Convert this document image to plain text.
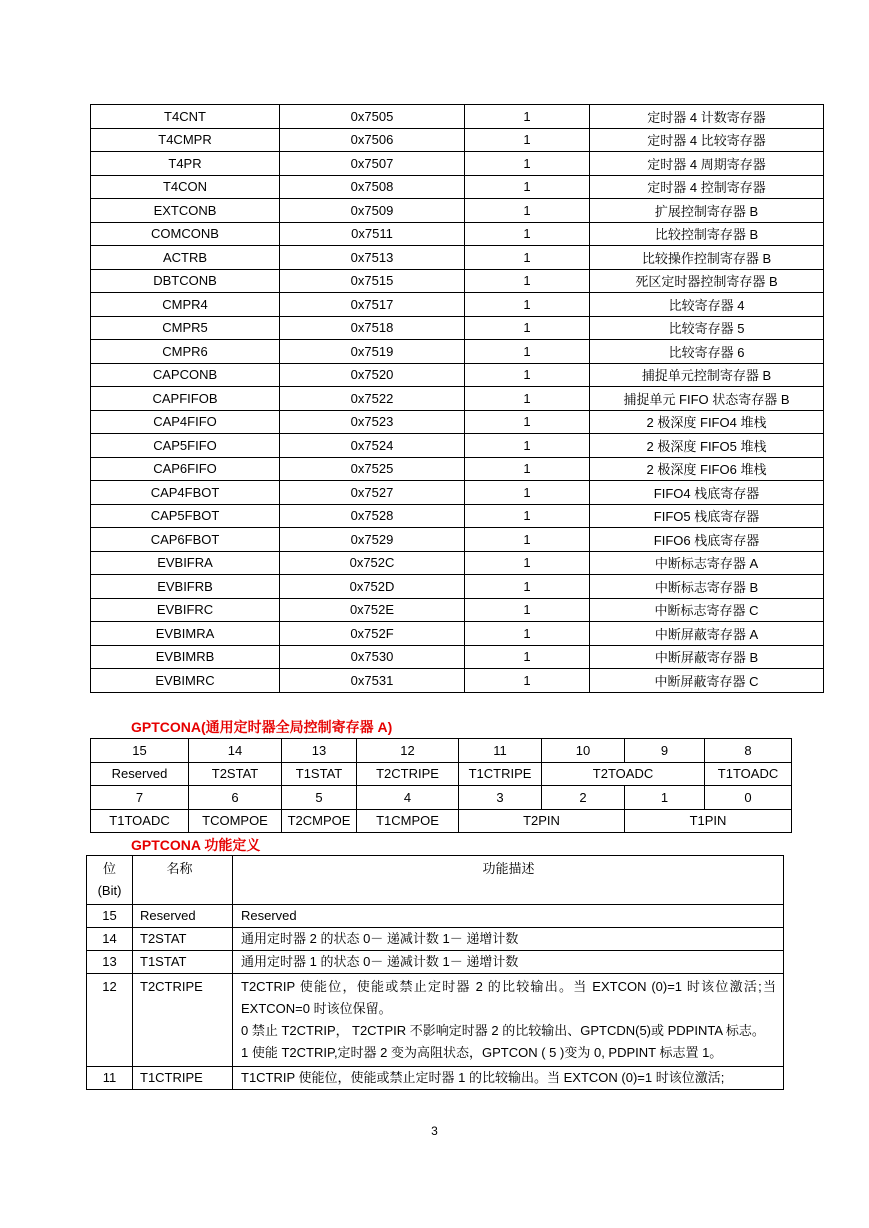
T4CNT	0x7505	1	定时器 4 计数寄存器
T4CMPR	0x7506	1	定时器 4 比较寄存器
T4PR	0x7507	1	定时器 4 周期寄存器
T4CON	0x7508	1	定时器 4 控制寄存器
EXTCONB	0x7509	1	扩展控制寄存器 B
COMCONB	0x7511	1	比较控制寄存器 B
ACTRB	0x7513	1	比较操作控制寄存器 B
DBTCONB	0x7515	1	死区定时器控制寄存器 B
CMPR4	0x7517	1	比较寄存器 4
CMPR5	0x7518	1	比较寄存器 5
CMPR6	0x7519	1	比较寄存器 6
CAPCONB	0x7520	1	捕捉单元控制寄存器 B
CAPFIFOB	0x7522	1	捕捉单元 FIFO 状态寄存器 B
CAP4FIFO	0x7523	1	2 极深度 FIFO4 堆栈
CAP5FIFO	0x7524	1	2 极深度 FIFO5 堆栈
CAP6FIFO	0x7525	1	2 极深度 FIFO6 堆栈
CAP4FBOT	0x7527	1	FIFO4 栈底寄存器
CAP5FBOT	0x7528	1	FIFO5 栈底寄存器
CAP6FBOT	0x7529	1	FIFO6 栈底寄存器
EVBIFRA	0x752C	1	中断标志寄存器 A
EVBIFRB	0x752D	1	中断标志寄存器 B
EVBIFRC	0x752E	1	中断标志寄存器 C
EVBIMRA	0x752F	1	中断屏蔽寄存器 A
EVBIMRB	0x7530	1	中断屏蔽寄存器 B
EVBIMRC	0x7531	1	中断屏蔽寄存器 C
GPTCONA(通用定时器全局控制寄存器 A)
15	14	13	12	11	10	9	8
Reserved	T2STAT	T1STAT	T2CTRIPE	T1CTRIPE	T2TOADC		T1TOADC
7	6	5	4	3	2	1	0
T1TOADC	TCOMPOE	T2CMPOE	T1CMPOE	T2PIN		T1PIN	
GPTCONA 功能定义
位
(Bit)	名称	功能描述
15	Reserved	Reserved

14	T2STAT	通用定时器 2 的状态 0－ 递减计数 1－ 递增计数

13	T1STAT	通用定时器 1 的状态 0－ 递减计数 1－ 递增计数

12	T2CTRIPE	T2CTRIP 使能位，使能或禁止定时器 2 的比较输出。当 EXTCON (0)=1 时该位激活;当 EXTCON=0 时该位保留。
0 禁止 T2CTRIP， T2CTPIR 不影响定时器 2 的比较输出、GPTCDN(5)或 PDPINTA 标志。
1 使能 T2CTRIP,定时器 2 变为高阻状态，GPTCON ( 5 )变为 0, PDPINT 标志置 1。

11	T1CTRIPE	T1CTRIP 使能位，使能或禁止定时器 1 的比较输出。当 EXTCON (0)=1 时该位激活;
3
